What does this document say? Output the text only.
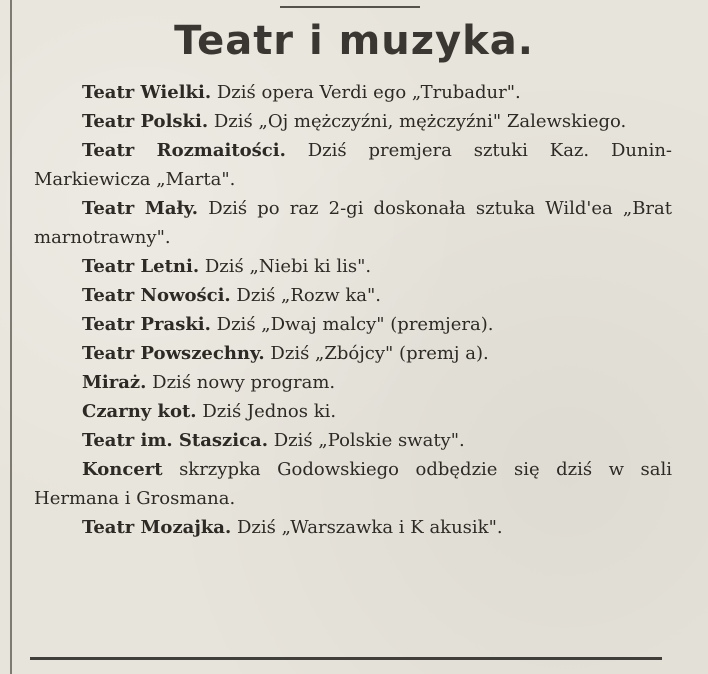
Teatr i muzyka.

Teatr Wielki. Dziś opera Verdi ego „Trubadur".

Teatr Polski. Dziś „Oj mężczyźni, mężczyźni" Zalewskiego.

Teatr Rozmaitości. Dziś premjera sztuki Kaz. Dunin-Markiewicza „Marta".

Teatr Mały. Dziś po raz 2-gi doskonała sztuka Wild'ea „Brat marnotrawny".

Teatr Letni. Dziś „Niebi ki lis".

Teatr Nowości. Dziś „Rozw ka".

Teatr Praski. Dziś „Dwaj malcy" (premjera).

Teatr Powszechny. Dziś „Zbójcy" (premj a).

Miraż. Dziś nowy program.

Czarny kot. Dziś Jednos ki.

Teatr im. Staszica. Dziś „Polskie swaty".

Koncert skrzypka Godowskiego odbędzie się dziś w sali Hermana i Grosmana.

Teatr Mozajka. Dziś „Warszawka i K akusik".
